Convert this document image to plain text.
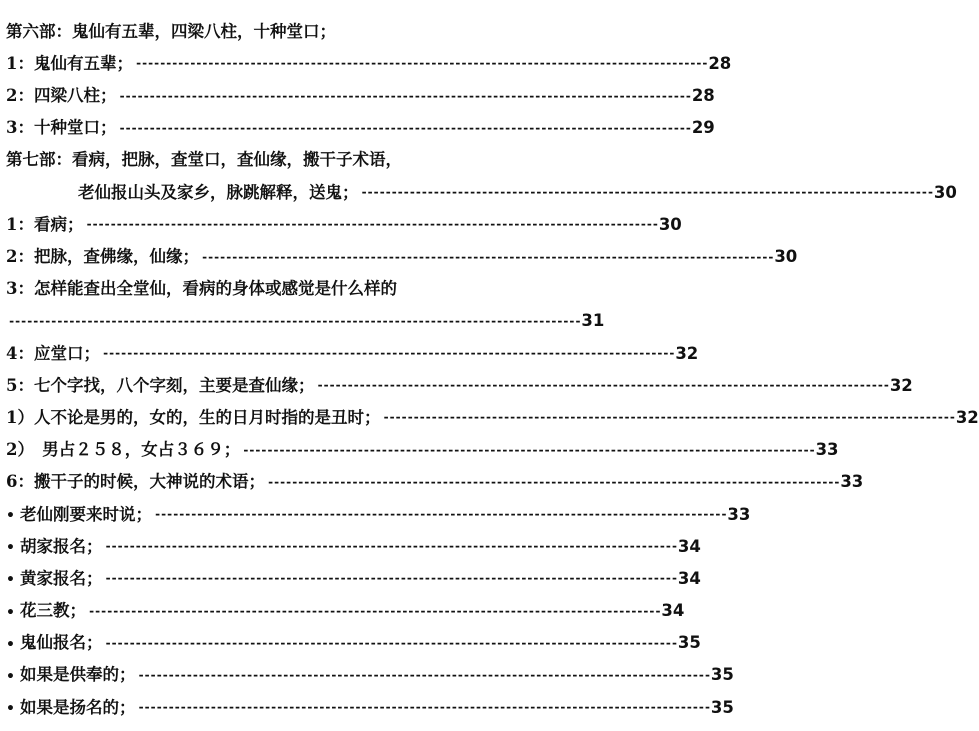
第六部：鬼仙有五辈，四梁八柱，十种堂口；
1：鬼仙有五辈； ----------------------------------------------------------------------------------------------- 28
2：四梁八柱； ----------------------------------------------------------------------------------------------- 28
3：十种堂口； ----------------------------------------------------------------------------------------------- 29
第七部：看病，把脉，查堂口，查仙缘，搬干子术语，
老仙报山头及家乡，脉跳解释，送鬼； ----------------------------------------------------------------------------------------------- 30
1：看病； ----------------------------------------------------------------------------------------------- 30
2：把脉，查佛缘，仙缘； ----------------------------------------------------------------------------------------------- 30
3：怎样能查出全堂仙，看病的身体或感觉是什么样的
----------------------------------------------------------------------------------------------- 31
4：应堂口； ----------------------------------------------------------------------------------------------- 32
5：七个字找，八个字刻，主要是查仙缘； ----------------------------------------------------------------------------------------------- 32
1）人不论是男的，女的，生的日月时指的是丑时； ----------------------------------------------------------------------------------------------- 32
2）　男占２５８，女占３６９； ----------------------------------------------------------------------------------------------- 33
6：搬干子的时候，大神说的术语； ----------------------------------------------------------------------------------------------- 33
• 老仙刚要来时说； ----------------------------------------------------------------------------------------------- 33
• 胡家报名； ----------------------------------------------------------------------------------------------- 34
• 黄家报名； ----------------------------------------------------------------------------------------------- 34
• 花三教； ----------------------------------------------------------------------------------------------- 34
• 鬼仙报名； ----------------------------------------------------------------------------------------------- 35
• 如果是供奉的； ----------------------------------------------------------------------------------------------- 35
• 如果是扬名的； ----------------------------------------------------------------------------------------------- 35
